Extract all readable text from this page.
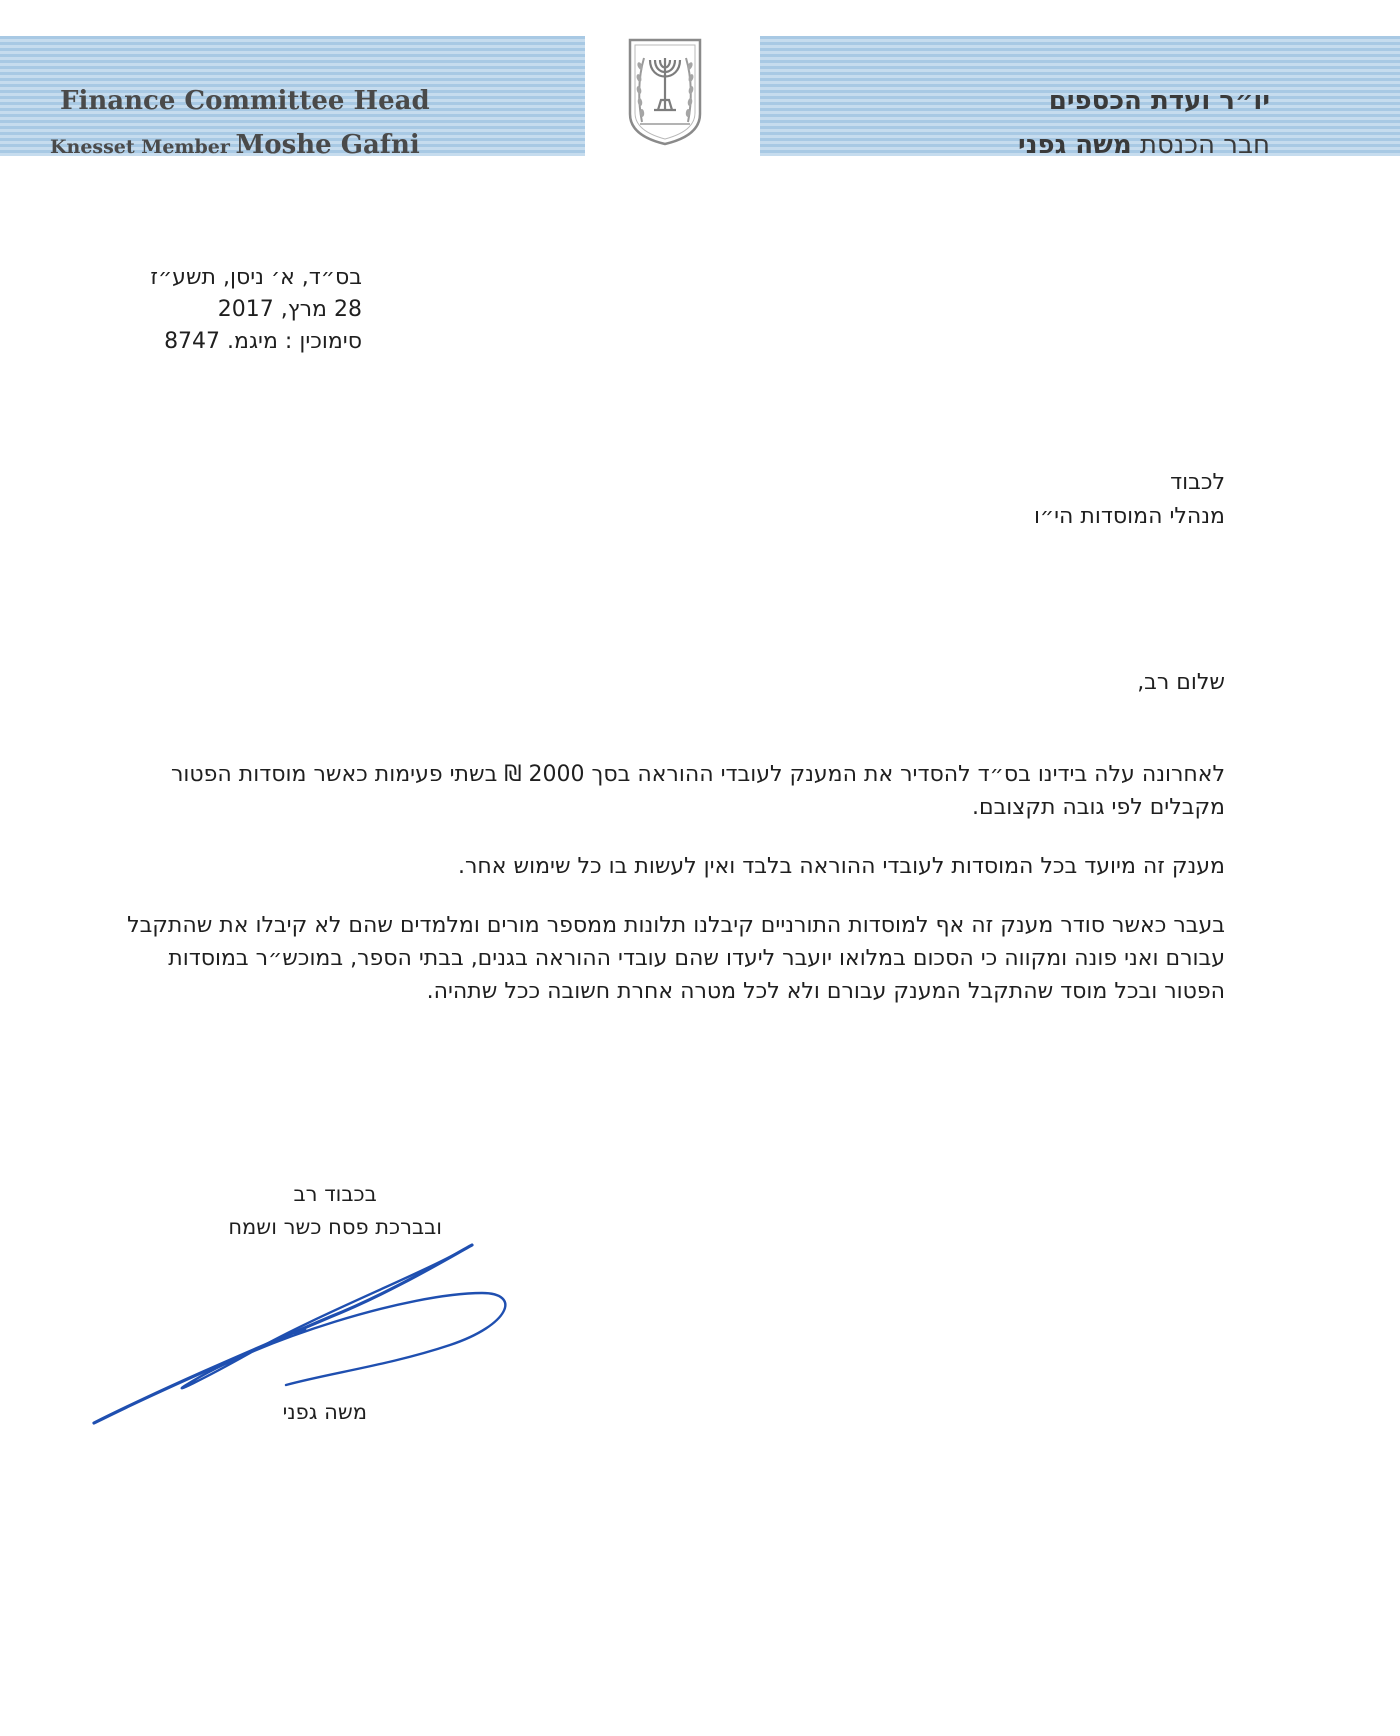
Finance Committee Head
Knesset Member Moshe Gafni
יו״ר ועדת הכספים
חבר הכנסת משה גפני
בס״ד, א׳ ניסן, תשע״ז
28 מרץ, 2017
סימוכין : מיגמ. 8747
לכבוד
מנהלי המוסדות הי״ו
שלום רב,

לאחרונה עלה בידינו בס״ד להסדיר את המענק לעובדי ההוראה בסך 2000 ₪ בשתי פעימות כאשר מוסדות הפטור מקבלים לפי גובה תקצובם.

מענק זה מיועד בכל המוסדות לעובדי ההוראה בלבד ואין לעשות בו כל שימוש אחר.

בעבר כאשר סודר מענק זה אף למוסדות התורניים קיבלנו תלונות ממספר מורים ומלמדים שהם לא קיבלו את שהתקבל עבורם ואני פונה ומקווה כי הסכום במלואו יועבר ליעדו שהם עובדי ההוראה בגנים, בבתי הספר, במוכש״ר במוסדות הפטור ובכל מוסד שהתקבל המענק עבורם ולא לכל מטרה אחרת חשובה ככל שתהיה.

בכבוד רב
ובברכת פסח כשר ושמח
משה גפני
